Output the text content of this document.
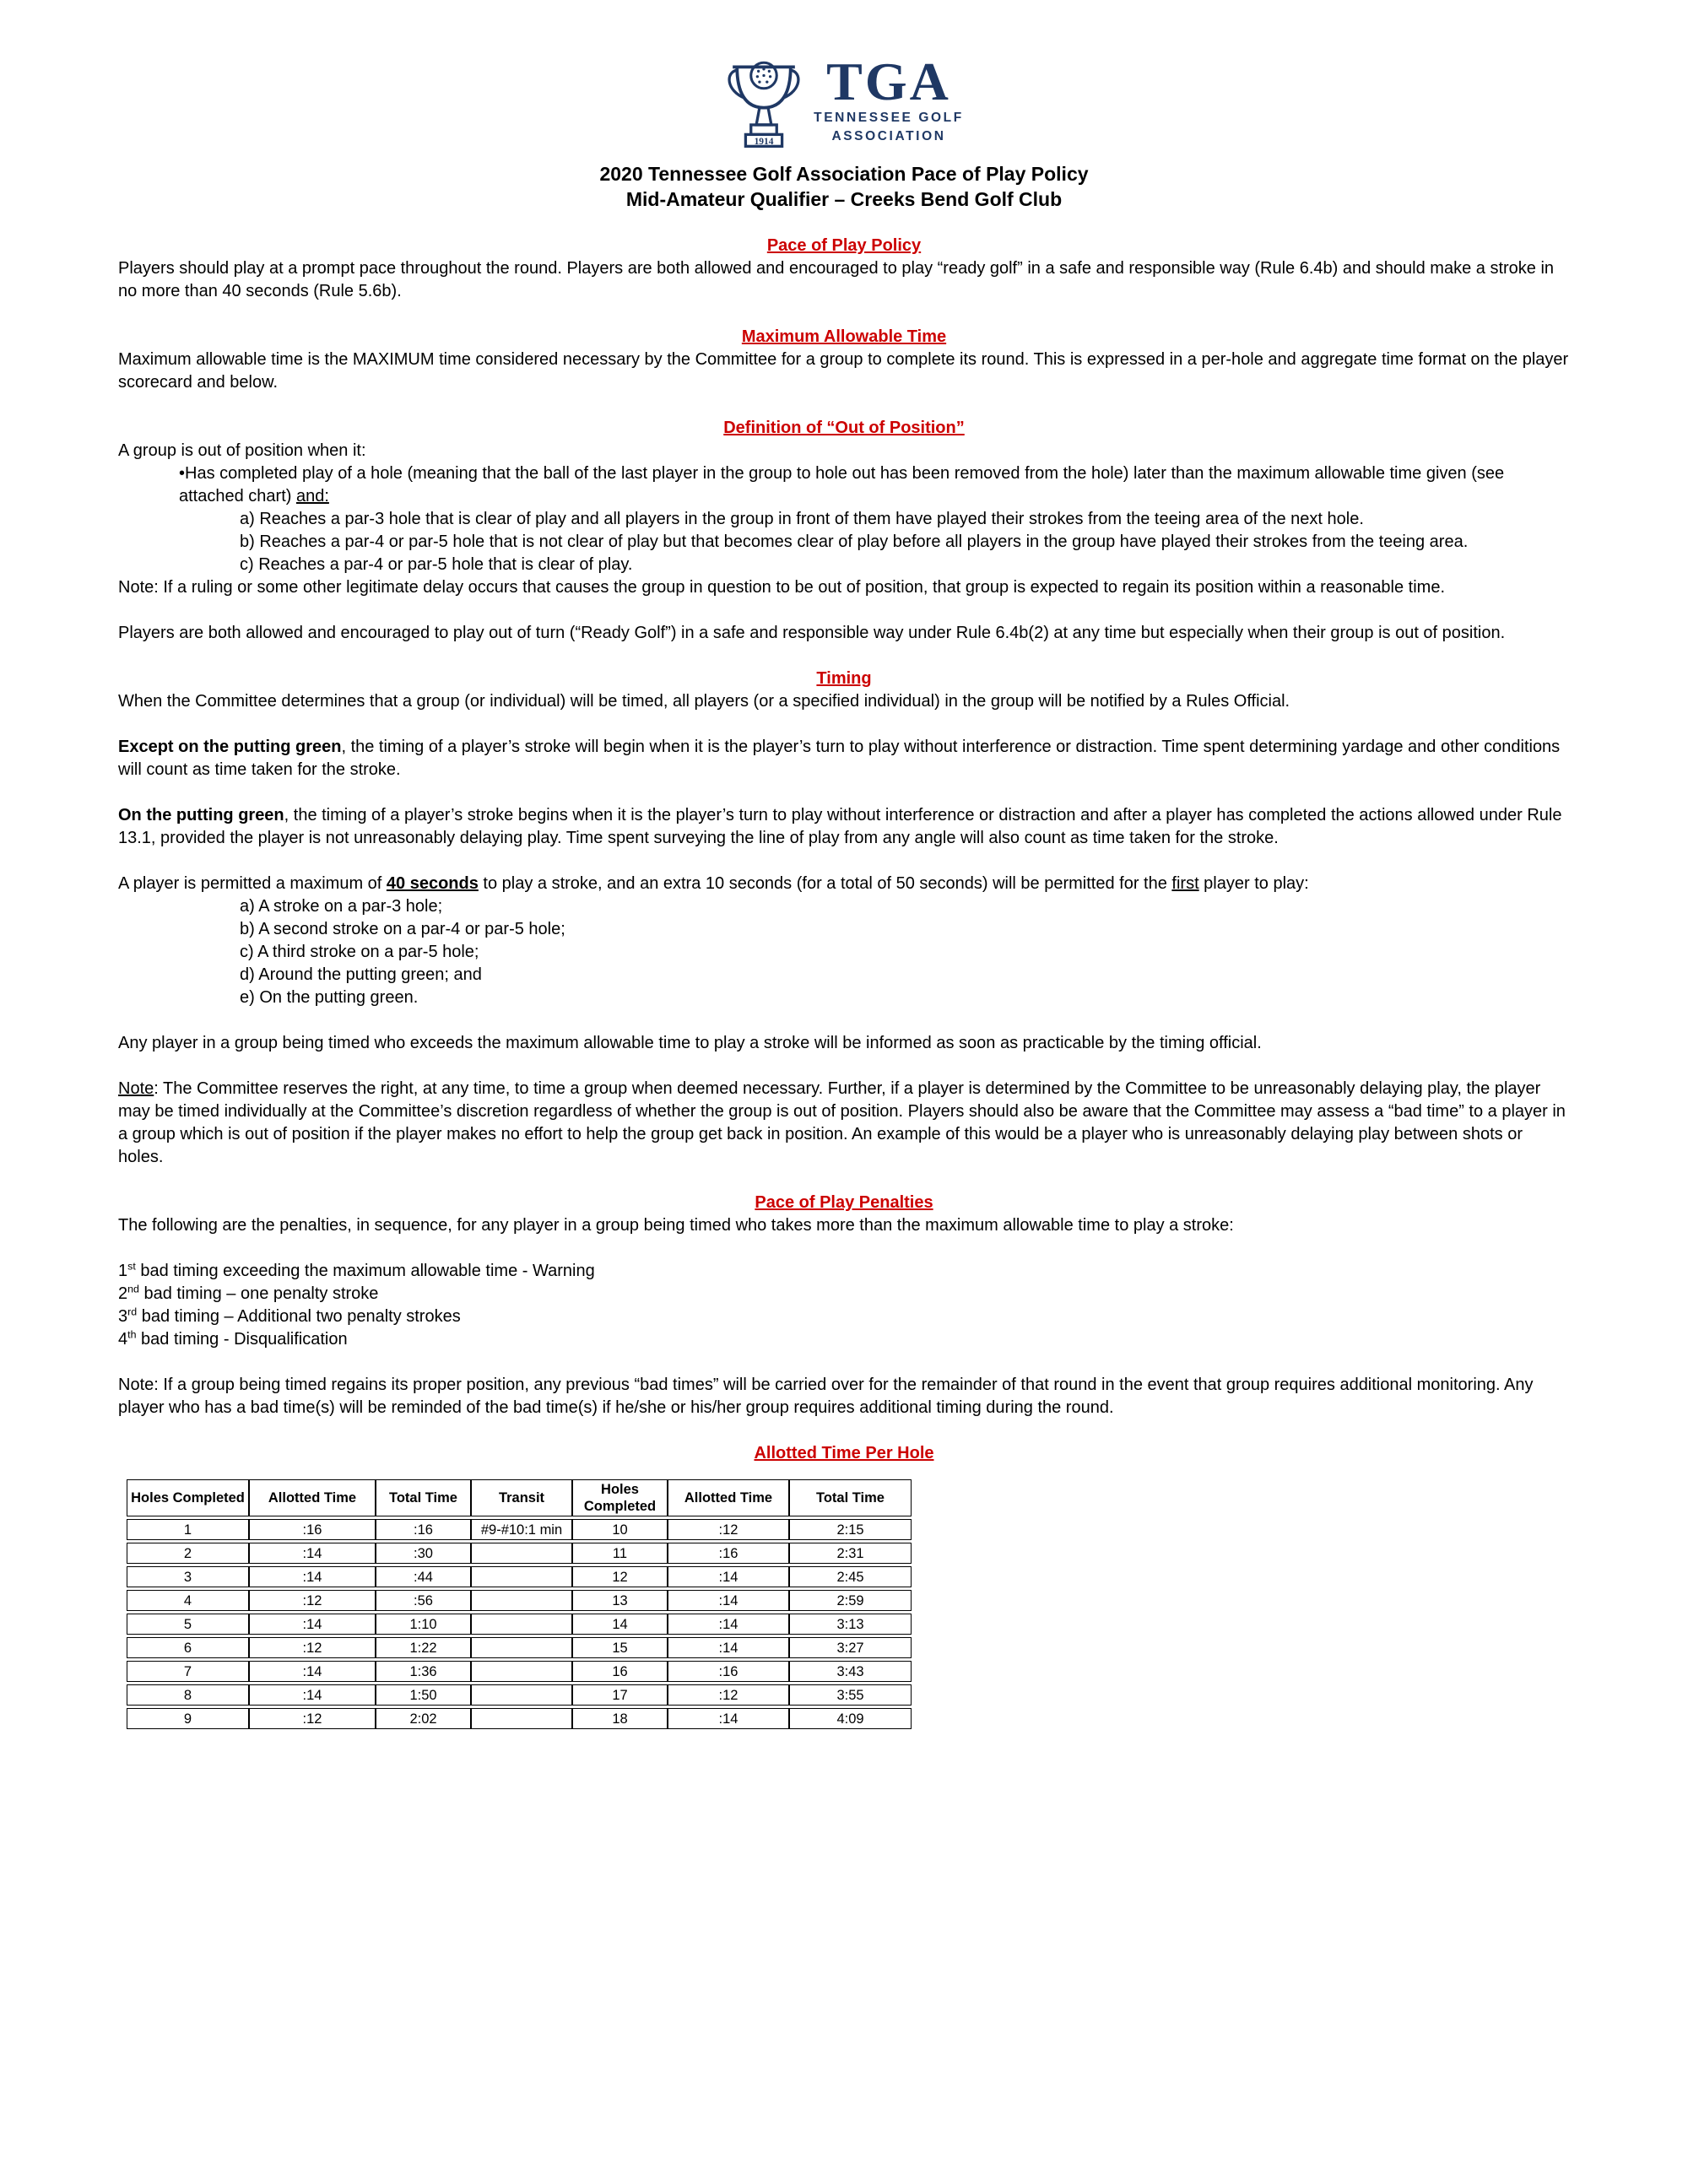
1914
TGA
TENNESSEE GOLF
ASSOCIATION
2020 Tennessee Golf Association Pace of Play Policy
Mid-Amateur Qualifier – Creeks Bend Golf Club
Pace of Play Policy
Players should play at a prompt pace throughout the round. Players are both allowed and encouraged to play “ready golf” in a safe and responsible way (Rule 6.4b) and should make a stroke in no more than 40 seconds (Rule 5.6b).
Maximum Allowable Time
Maximum allowable time is the MAXIMUM time considered necessary by the Committee for a group to complete its round. This is expressed in a per-hole and aggregate time format on the player scorecard and below.
Definition of “Out of Position”
A group is out of position when it:
•Has completed play of a hole (meaning that the ball of the last player in the group to hole out has been removed from the hole) later than the maximum allowable time given (see attached chart) and:
a) Reaches a par-3 hole that is clear of play and all players in the group in front of them have played their strokes from the teeing area of the next hole.
b) Reaches a par-4 or par-5 hole that is not clear of play but that becomes clear of play before all players in the group have played their strokes from the teeing area.
c) Reaches a par-4 or par-5 hole that is clear of play.
Note: If a ruling or some other legitimate delay occurs that causes the group in question to be out of position, that group is expected to regain its position within a reasonable time.
Players are both allowed and encouraged to play out of turn (“Ready Golf”) in a safe and responsible way under Rule 6.4b(2) at any time but especially when their group is out of position.
Timing
When the Committee determines that a group (or individual) will be timed, all players (or a specified individual) in the group will be notified by a Rules Official.
Except on the putting green, the timing of a player’s stroke will begin when it is the player’s turn to play without interference or distraction. Time spent determining yardage and other conditions will count as time taken for the stroke.
On the putting green, the timing of a player’s stroke begins when it is the player’s turn to play without interference or distraction and after a player has completed the actions allowed under Rule 13.1, provided the player is not unreasonably delaying play. Time spent surveying the line of play from any angle will also count as time taken for the stroke.
A player is permitted a maximum of 40 seconds to play a stroke, and an extra 10 seconds (for a total of 50 seconds) will be permitted for the first player to play:
a) A stroke on a par-3 hole;
b) A second stroke on a par-4 or par-5 hole;
c) A third stroke on a par-5 hole;
d) Around the putting green; and
e) On the putting green.
Any player in a group being timed who exceeds the maximum allowable time to play a stroke will be informed as soon as practicable by the timing official.
Note: The Committee reserves the right, at any time, to time a group when deemed necessary. Further, if a player is determined by the Committee to be unreasonably delaying play, the player may be timed individually at the Committee’s discretion regardless of whether the group is out of position. Players should also be aware that the Committee may assess a “bad time” to a player in a group which is out of position if the player makes no effort to help the group get back in position. An example of this would be a player who is unreasonably delaying play between shots or holes.
Pace of Play Penalties
The following are the penalties, in sequence, for any player in a group being timed who takes more than the maximum allowable time to play a stroke:
1st bad timing exceeding the maximum allowable time - Warning
2nd bad timing – one penalty stroke
3rd bad timing – Additional two penalty strokes
4th bad timing - Disqualification
Note: If a group being timed regains its proper position, any previous “bad times” will be carried over for the remainder of that round in the event that group requires additional monitoring. Any player who has a bad time(s) will be reminded of the bad time(s) if he/she or his/her group requires additional timing during the round.
Allotted Time Per Hole
Holes Completed	Allotted Time	Total Time	Transit	Holes Completed	Allotted Time	Total Time
1	:16	:16	#9-#10:1 min	10	:12	2:15
2	:14	:30		11	:16	2:31
3	:14	:44		12	:14	2:45
4	:12	:56		13	:14	2:59
5	:14	1:10		14	:14	3:13
6	:12	1:22		15	:14	3:27
7	:14	1:36		16	:16	3:43
8	:14	1:50		17	:12	3:55
9	:12	2:02		18	:14	4:09
